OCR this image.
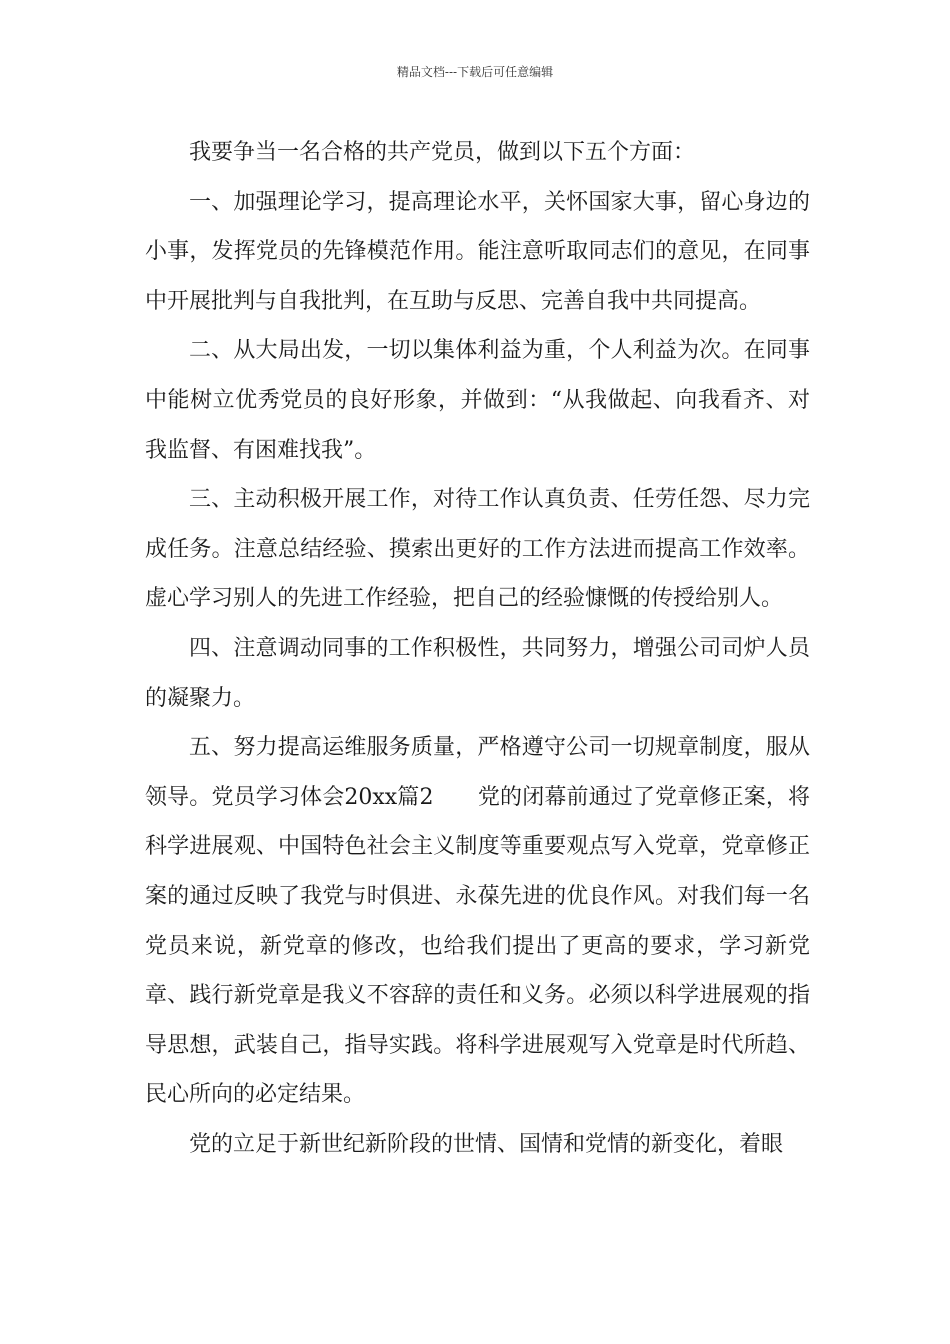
精品文档---下载后可任意编辑

我要争当一名合格的共产党员，做到以下五个方面：

一、加强理论学习，提高理论水平，关怀国家大事，留心身边的小事，发挥党员的先锋模范作用。能注意听取同志们的意见，在同事中开展批判与自我批判，在互助与反思、完善自我中共同提高。

二、从大局出发，一切以集体利益为重，个人利益为次。在同事中能树立优秀党员的良好形象，并做到：“从我做起、向我看齐、对我监督、有困难找我”。

三、主动积极开展工作，对待工作认真负责、任劳任怨、尽力完成任务。注意总结经验、摸索出更好的工作方法进而提高工作效率。虚心学习别人的先进工作经验，把自己的经验慷慨的传授给别人。

四、注意调动同事的工作积极性，共同努力，增强公司司炉人员的凝聚力。

五、努力提高运维服务质量，严格遵守公司一切规章制度，服从领导。党员学习体会20xx篇2　　党的闭幕前通过了党章修正案，将科学进展观、中国特色社会主义制度等重要观点写入党章，党章修正案的通过反映了我党与时俱进、永葆先进的优良作风。对我们每一名党员来说，新党章的修改，也给我们提出了更高的要求，学习新党章、践行新党章是我义不容辞的责任和义务。必须以科学进展观的指导思想，武装自己，指导实践。将科学进展观写入党章是时代所趋、民心所向的必定结果。

党的立足于新世纪新阶段的世情、国情和党情的新变化，着眼
